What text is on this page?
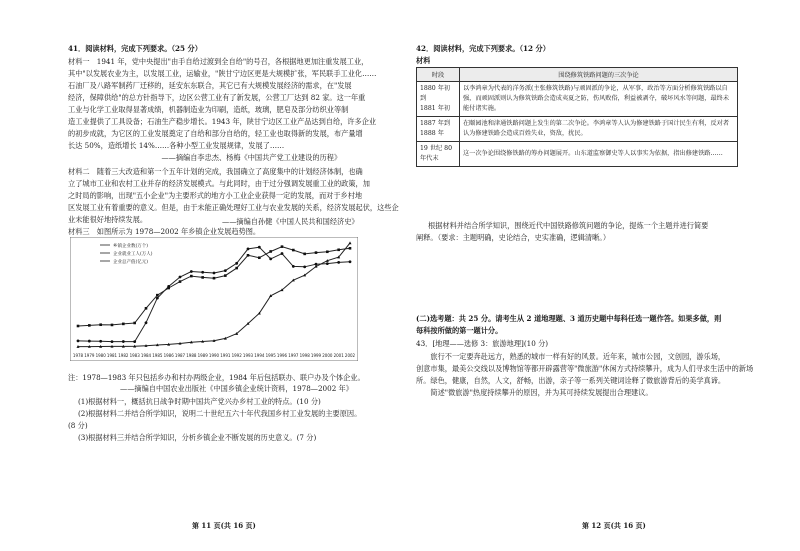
41．阅读材料，完成下列要求。（25 分）
材料一　1941 年，党中央提出"由手自给过渡到全自给"的号召，各根据地更加注重发展工业，
其中"以发展农业为主，以发展工业，运输业，"陕甘宁边区更是大规模扩张，军民联手工业化……
石油厂及八路军制药厂迁移的，延安东东联合，其它已有大规模发展经济的需求，在"发展
经济，保障供给"的总方针指导下，边区公营工业有了新发展，公营工厂达到 82 家。这一年重
工业与化学工业取得显著成绩，机器制造业为印刷，造纸，玻璃，肥皂及部分纺织业等制
造工业提供了工具设备；石油生产稳步增长。1943 年，陕甘宁边区工业产品达到自给，许多企业
的初步成就，为它区的工业发展奠定了自给和部分自给的，轻工业也取得新的发展，布产量增
长达 50%，造纸增长 14%……各种小型工业发展规律，发展了……
　　　　　　　　　　　　　——摘编自李忠杰、杨梅《中国共产党工业建设的历程》
材料二　随着三大改造和第一个五年计划的完成，我国确立了高度集中的计划经济体制，也确
立了城市工业和农村工业并存的经济发展模式。与此同时，由于过分强调发展重工业的政策，加
之时局的影响，出现"五小企业"为主要形式的地方小工业企业获得一定的发展，而对于乡村地
区发展工业有着重要的意义。但是，由于未能正确处理好工业与农业发展的关系，经济发展起伏，这些企
业未能很好地持续发展。	——摘编自孙健《中国人民共和国经济史》
材料三　如图所示为 1978—2002 年乡镇企业发展趋势图。
1978 1979 1980 1981 1982 1983 1984 1985 1986 1987 1988 1989 1990 1991 1992 1993 1994 1995 1996 1997 1998 1999 2000 2001 2002
乡镇企业数(万个)
企业就业工人(万人)
企业总产值(亿元)
注：1978—1983 年只包括乡办和村办两级企业，1984 年后包括联办、联户办及个体企业。
——摘编自中国农业出版社《中国乡镇企业统计资料，1978—2002 年》
(1)根据材料一，概括抗日战争时期中国共产党兴办乡村工业的特点。(10 分)
(2)根据材料二并结合所学知识，说明二十世纪五六十年代我国乡村工业发展的主要原因。
(8 分)
(3)根据材料三并结合所学知识，分析乡镇企业不断发展的历史意义。(7 分)
第 11 页(共 16 页)
42．阅读材料，完成下列要求。（12 分）
材料
时段	围绕修筑铁路问题的三次争论
1880 年初到
1881 年初	以李鸿章为代表的洋务派(主张修筑铁路)与顽固派的争论，从军事，政治等方面分析修筑铁路以自强，而顽固派则认为修筑铁路会造成夷夏之防，伤风败俗，利益被剥夺，破坏风水等问题，最终未能付诸实施。
1887 年到
1888 年	在颐园池和津通铁路问题上发生的第二次争论。李鸿章等人认为修建铁路于国计民生有利，反对者认为修建铁路会造成百姓失业，资敌，扰民。
19 世纪 80
年代末	这一次争论围绕修铁路的筹办问题展开。山东道监察御史等人以事实为依据，指出修建铁路……
根据材料并结合所学知识，围绕近代中国铁路修筑问题的争论，提炼一个主题并进行简要
阐释。（要求：主题明确，史论结合，史实准确，逻辑清晰。）
(二)选考题：共 25 分。请考生从 2 道地理题、3 道历史题中每科任选一题作答。如果多做，则
每科按所做的第一题计分。
43．[地理——选修 3：旅游地理](10 分)
　　旅行不一定要奔赴远方，熟悉的城市一样有好的风景。近年来，城市公园，文创园，游乐场，
创意市集，最美公交线以及博物馆等都开辟露营等"微旅游"休闲方式持续攀升，成为人们寻求生活中的新场
所。绿色，健康，自然，人文，舒畅，出游，亲子等一系列关键词诠释了微旅游背后的美学真谛。
　　简述"微旅游"热度持续攀升的原因，并为其可持续发展提出合理建议。
第 12 页(共 16 页)
